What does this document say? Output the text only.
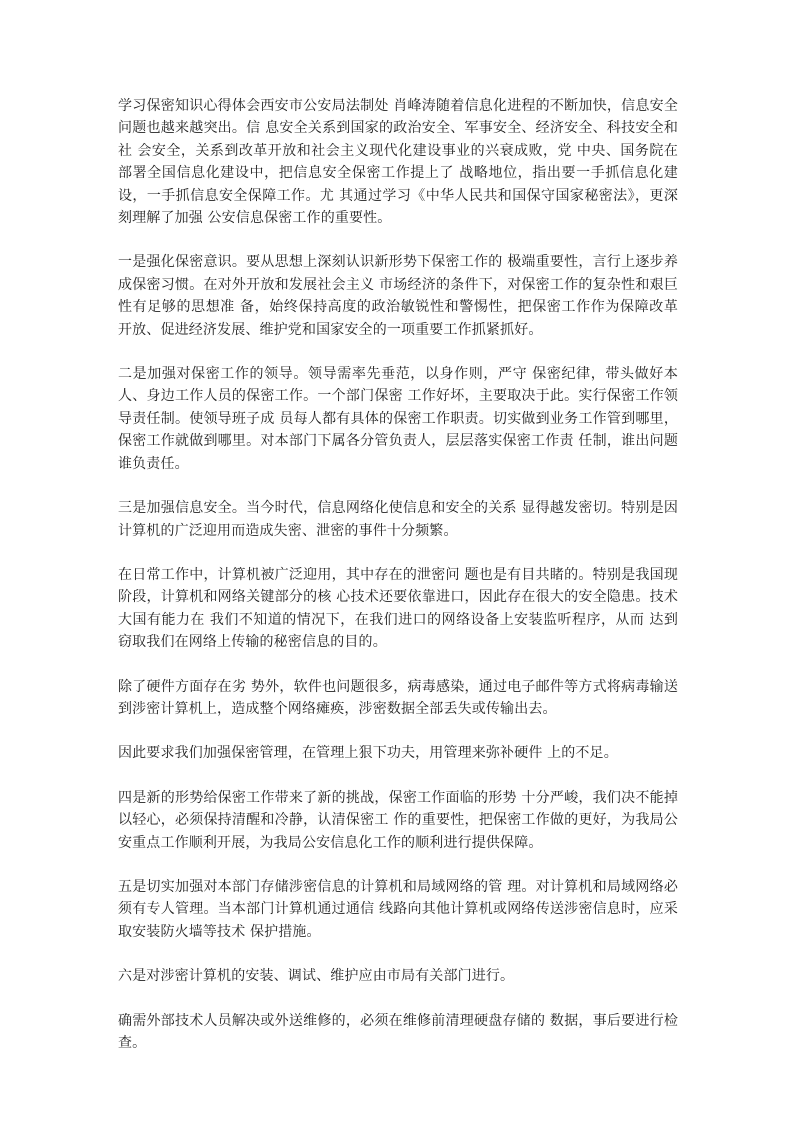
学习保密知识心得体会西安市公安局法制处 肖峰涛随着信息化进程的不断加快，信息安全问题也越来越突出。信 息安全关系到国家的政治安全、军事安全、经济安全、科技安全和社 会安全，关系到改革开放和社会主义现代化建设事业的兴衰成败，党 中央、国务院在部署全国信息化建设中，把信息安全保密工作提上了 战略地位，指出要一手抓信息化建设，一手抓信息安全保障工作。尤 其通过学习《中华人民共和国保守国家秘密法》，更深刻理解了加强 公安信息保密工作的重要性。

一是强化保密意识。要从思想上深刻认识新形势下保密工作的 极端重要性，言行上逐步养成保密习惯。在对外开放和发展社会主义 市场经济的条件下，对保密工作的复杂性和艰巨性有足够的思想准 备，始终保持高度的政治敏锐性和警惕性，把保密工作作为保障改革 开放、促进经济发展、维护党和国家安全的一项重要工作抓紧抓好。

二是加强对保密工作的领导。领导需率先垂范，以身作则，严守 保密纪律，带头做好本人、身边工作人员的保密工作。一个部门保密 工作好坏，主要取决于此。实行保密工作领导责任制。使领导班子成 员每人都有具体的保密工作职责。切实做到业务工作管到哪里，保密工作就做到哪里。对本部门下属各分管负责人，层层落实保密工作责 任制，谁出问题谁负责任。

三是加强信息安全。当今时代，信息网络化使信息和安全的关系 显得越发密切。特别是因计算机的广泛迎用而造成失密、泄密的事件十分频繁。

在日常工作中，计算机被广泛迎用，其中存在的泄密问 题也是有目共睹的。特别是我国现阶段，计算机和网络关键部分的核 心技术还要依靠进口，因此存在很大的安全隐患。技术大国有能力在 我们不知道的情况下，在我们进口的网络设备上安装监听程序，从而 达到窃取我们在网络上传输的秘密信息的目的。

除了硬件方面存在劣 势外，软件也问题很多，病毒感染，通过电子邮件等方式将病毒输送到涉密计算机上，造成整个网络瘫痪，涉密数据全部丢失或传输出去。

因此要求我们加强保密管理，在管理上狠下功夫，用管理来弥补硬件 上的不足。

四是新的形势给保密工作带来了新的挑战，保密工作面临的形势 十分严峻，我们决不能掉以轻心，必须保持清醒和冷静，认清保密工 作的重要性，把保密工作做的更好，为我局公安重点工作顺利开展，为我局公安信息化工作的顺利进行提供保障。

五是切实加强对本部门存储涉密信息的计算机和局域网络的管 理。对计算机和局域网络必须有专人管理。当本部门计算机通过通信 线路向其他计算机或网络传送涉密信息时，应采取安装防火墙等技术 保护措施。

六是对涉密计算机的安装、调试、维护应由市局有关部门进行。

确需外部技术人员解决或外送维修的，必须在维修前清理硬盘存储的 数据，事后要进行检查。
